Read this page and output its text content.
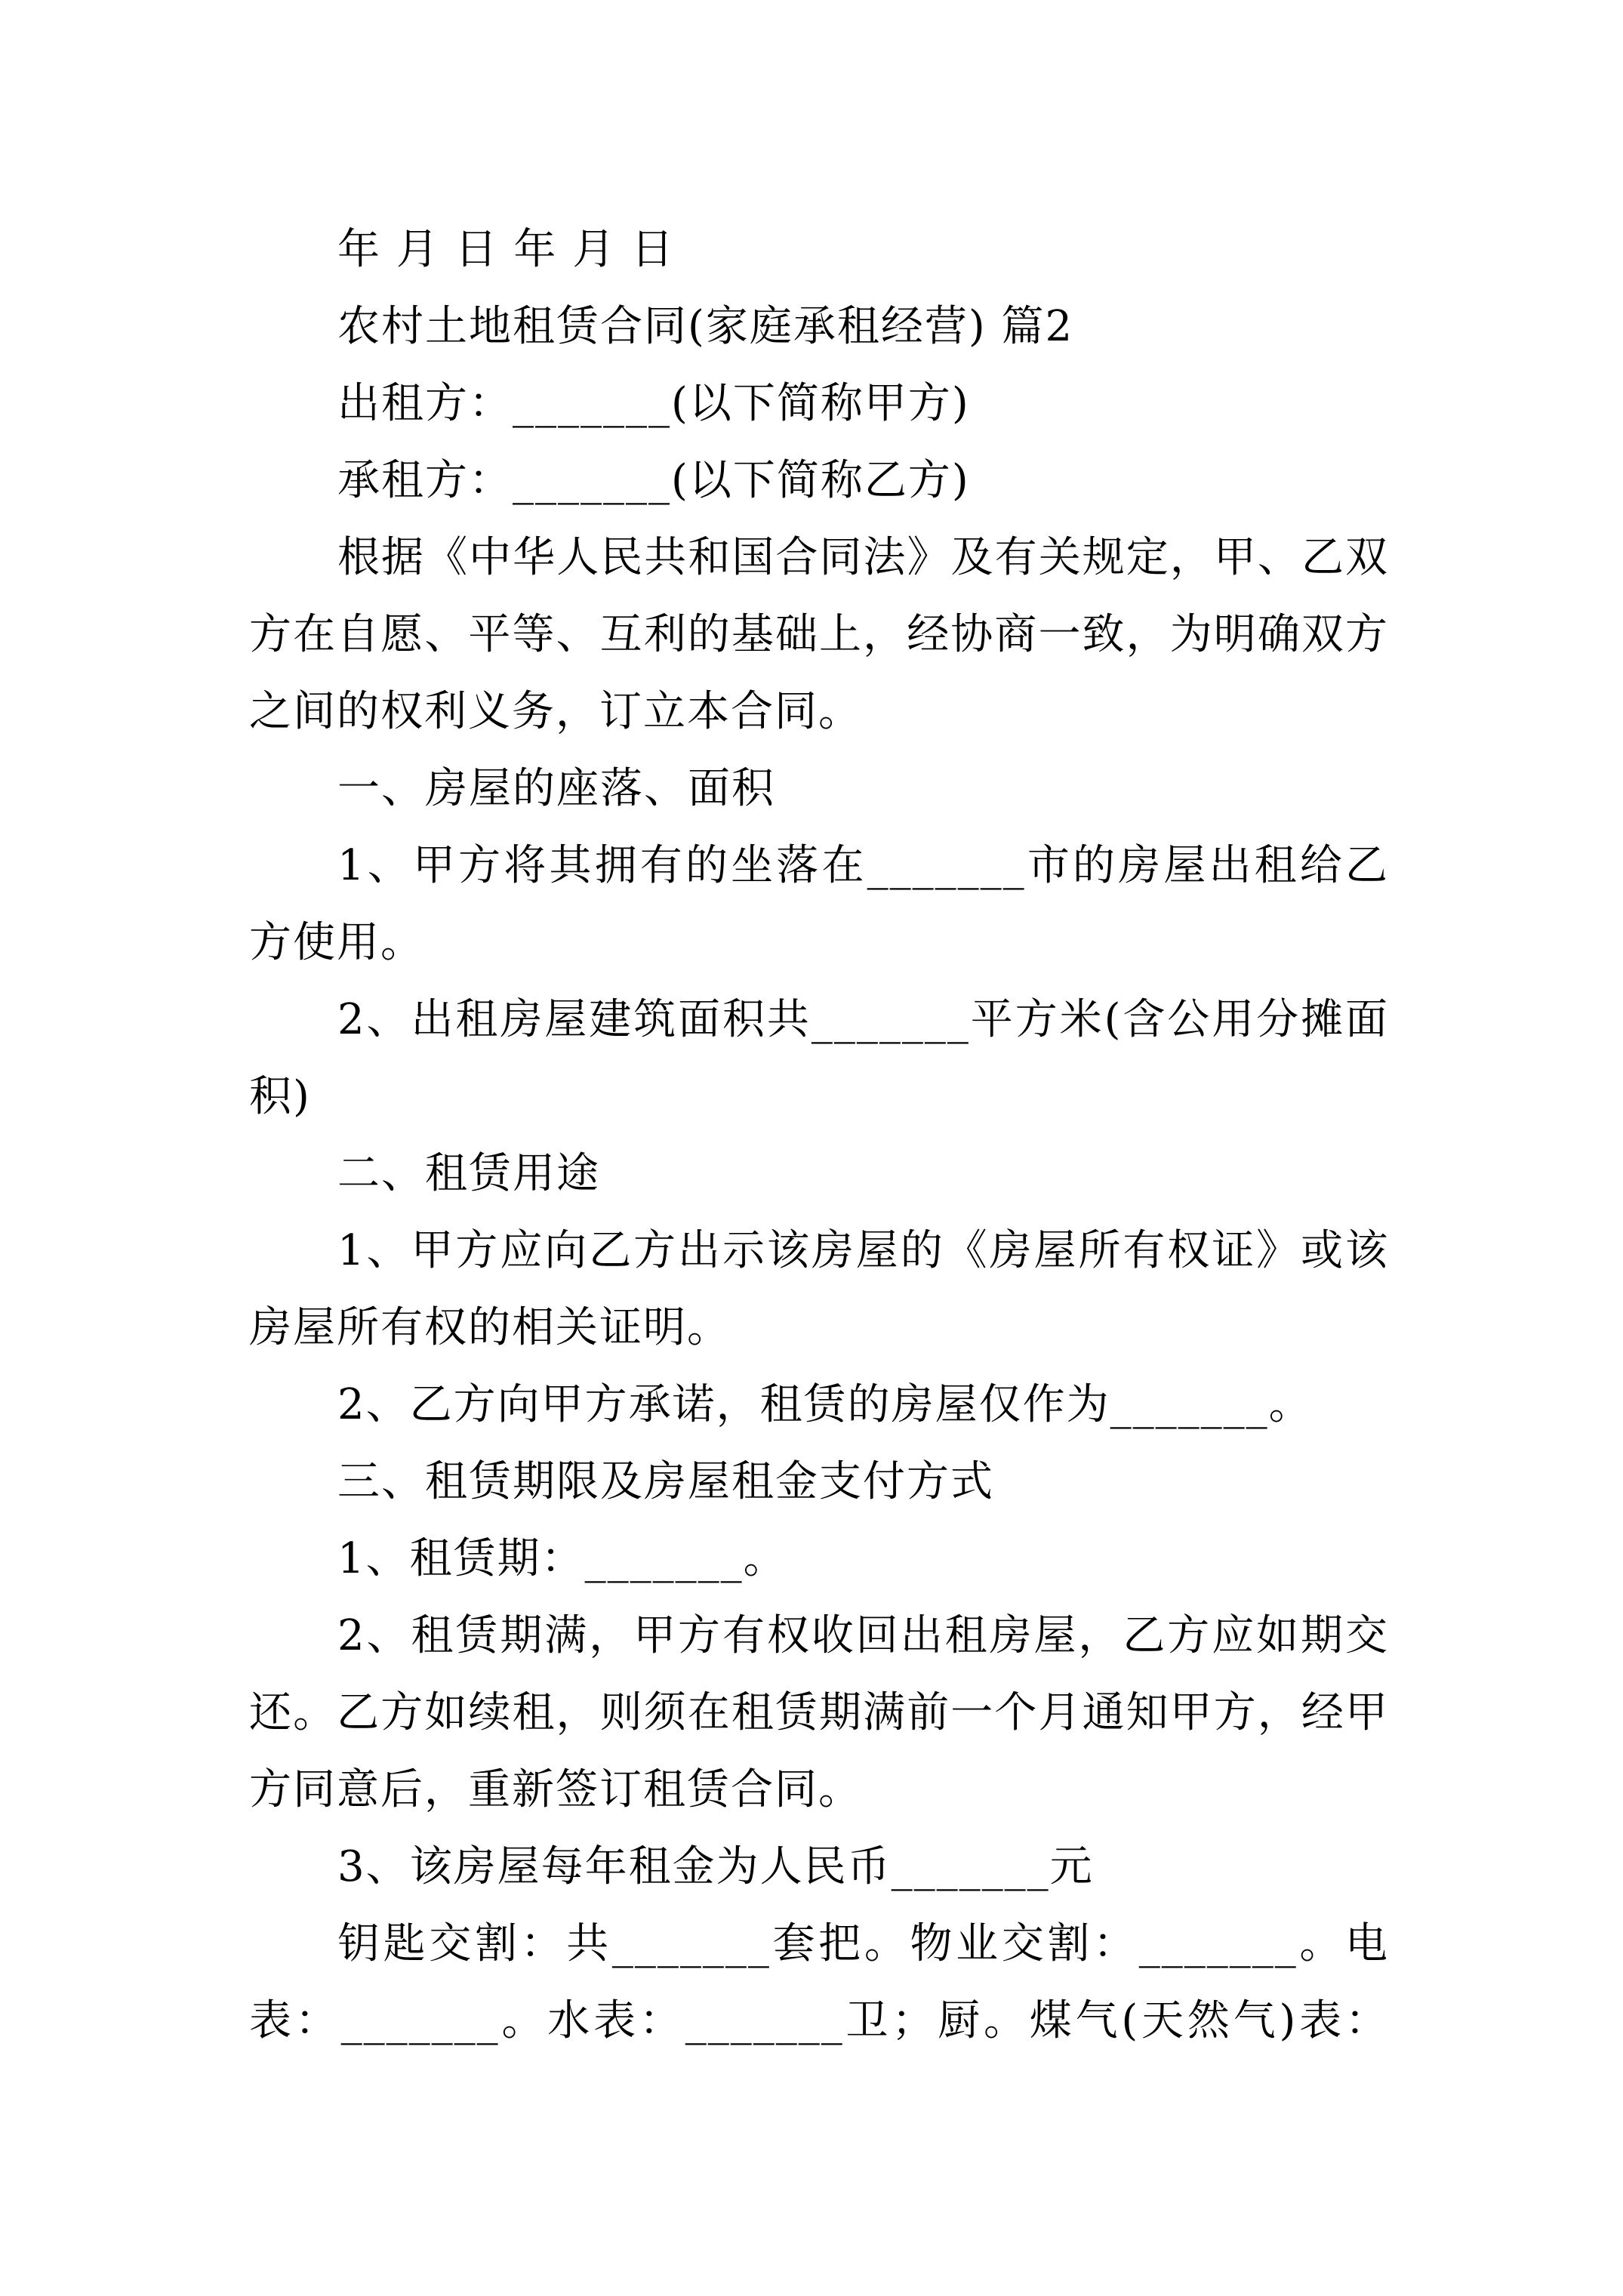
年 月 日 年 月 日

农村土地租赁合同(家庭承租经营) 篇2

出租方：_______(以下简称甲方)

承租方：_______(以下简称乙方)

根据《中华人民共和国合同法》及有关规定，甲、乙双方在自愿、平等、互利的基础上，经协商一致，为明确双方之间的权利义务，订立本合同。

一、房屋的座落、面积

1、甲方将其拥有的坐落在_______市的房屋出租给乙方使用。

2、出租房屋建筑面积共_______平方米(含公用分摊面积)

二、租赁用途

1、甲方应向乙方出示该房屋的《房屋所有权证》或该房屋所有权的相关证明。

2、乙方向甲方承诺，租赁的房屋仅作为_______。

三、租赁期限及房屋租金支付方式

1、租赁期：_______。

2、租赁期满，甲方有权收回出租房屋，乙方应如期交还。乙方如续租，则须在租赁期满前一个月通知甲方，经甲方同意后，重新签订租赁合同。

3、该房屋每年租金为人民币_______元

钥匙交割：共_______套把。物业交割：_______。电表：_______。水表：_______卫；厨。煤气(天然气)表：
